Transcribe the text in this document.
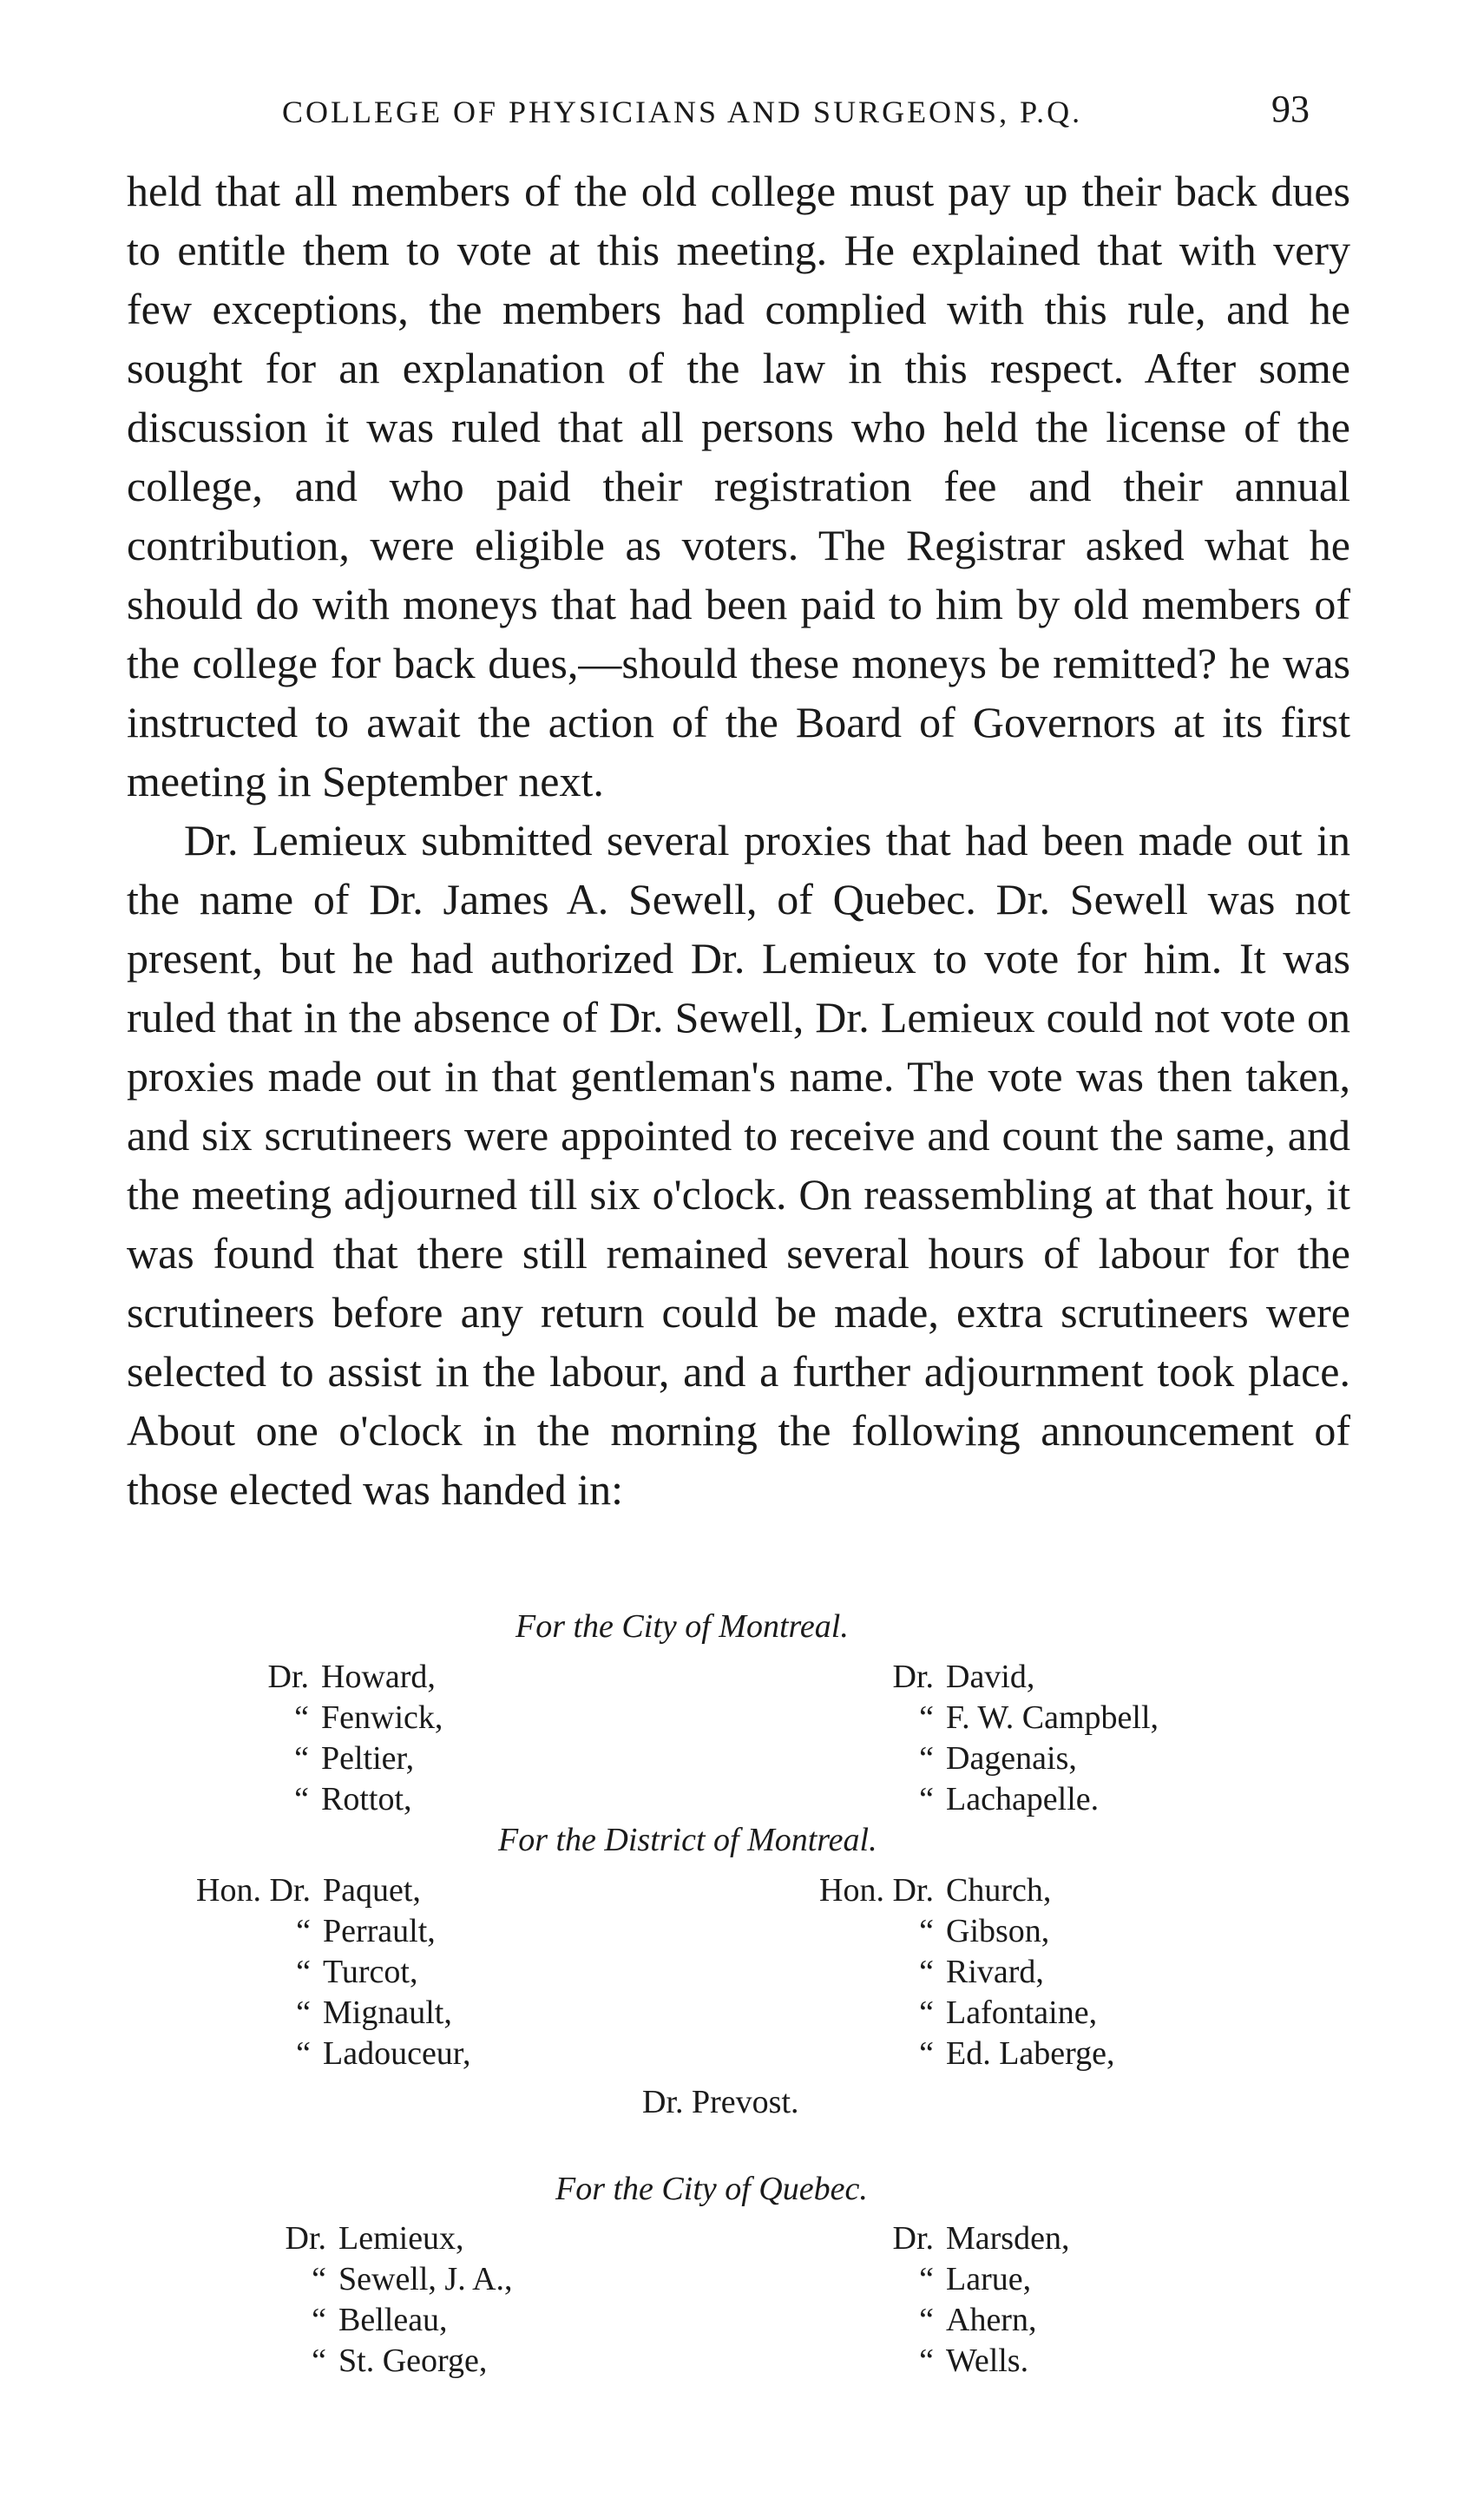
COLLEGE OF PHYSICIANS AND SURGEONS, P.Q.	93

held that all members of the old college must pay up their back dues to entitle them to vote at this meeting. He explained that with very few exceptions, the members had complied with this rule, and he sought for an explanation of the law in this respect. After some discussion it was ruled that all persons who held the license of the college, and who paid their registration fee and their annual contribution, were eligible as voters. The Registrar asked what he should do with moneys that had been paid to him by old members of the college for back dues,—should these moneys be remitted? he was instructed to await the action of the Board of Governors at its first meeting in September next.

Dr. Lemieux submitted several proxies that had been made out in the name of Dr. James A. Sewell, of Quebec. Dr. Sewell was not present, but he had authorized Dr. Lemieux to vote for him. It was ruled that in the absence of Dr. Sewell, Dr. Lemieux could not vote on proxies made out in that gentleman's name. The vote was then taken, and six scrutineers were appointed to receive and count the same, and the meeting adjourned till six o'clock. On reassembling at that hour, it was found that there still remained several hours of labour for the scrutineers before any return could be made, extra scrutineers were selected to assist in the labour, and a further adjournment took place. About one o'clock in the morning the following announcement of those elected was handed in:

For the City of Montreal.
Dr. Howard,
“ Fenwick,
“ Peltier,
“ Rottot,
Dr. David,
“ F. W. Campbell,
“ Dagenais,
“ Lachapelle.
For the District of Montreal.
Hon. Dr. Paquet,
“ Perrault,
“ Turcot,
“ Mignault,
“ Ladouceur,
Hon. Dr. Church,
“ Gibson,
“ Rivard,
“ Lafontaine,
“ Ed. Laberge,
Dr. Prevost.
For the City of Quebec.
Dr. Lemieux,
“ Sewell, J. A.,
“ Belleau,
“ St. George,
Dr. Marsden,
“ Larue,
“ Ahern,
“ Wells.
